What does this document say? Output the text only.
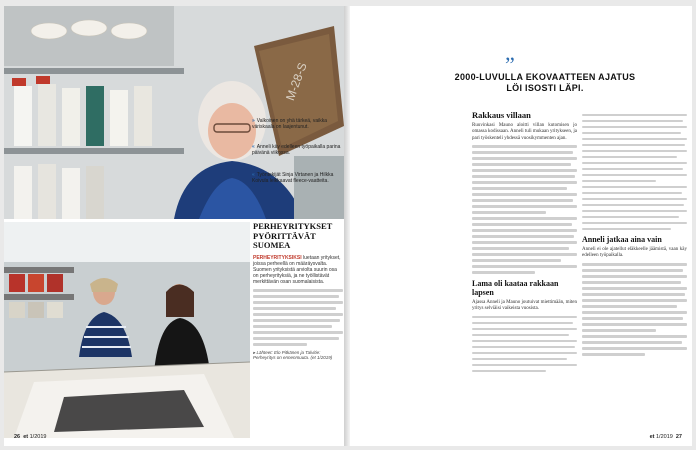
M-28-S
» Valkoinen on yhä tärkeä, vaikka väriskaala on laajentunut.
« Anneli käy edelleen työpaikalla parina päivänä viikossa.
« Työntekijät Sinja Virtanen ja Hilkka Koivula leikkaavat fleece-vaatteita.
PERHEYRITYKSET PYÖRITTÄVÄT SUOMEA
PERHEYRITYKSIKSI luetaan yritykset, joissa perheellä on määräysvalta. Suomen yrityksistä arviolta suurin osa on perheyrityksiä, ja ne työllistävät merkittävän osan suomalaisista.
▸ Lähteet: Elo Pitkänen ja Talvitie: Perheyritys on ennenmuuta. (et 1/2019)
26 et 1/2019
”
2000-LUVULLA EKOVAATTEEN AJATUS LÖI ISOSTI LÄPI.
Rakkaus villaan
Ruuvinkasi Mauno aloitti villan kutomisen jo omassa kodissaan. Anneli tuli mukaan yritykseen, ja pari työskenteli yhdessä vuosikymmenten ajan.
Lama oli kaataa rakkaan lapsen
Ajassa Anneli ja Mauno joutuivat miettimään, miten yritys selviäisi vaikeista vuosista.
Anneli jatkaa aina vain
Anneli ei ole ajatellut eläkkeelle jäämistä, vaan käy edelleen työpaikalla.
et 1/2019 27
